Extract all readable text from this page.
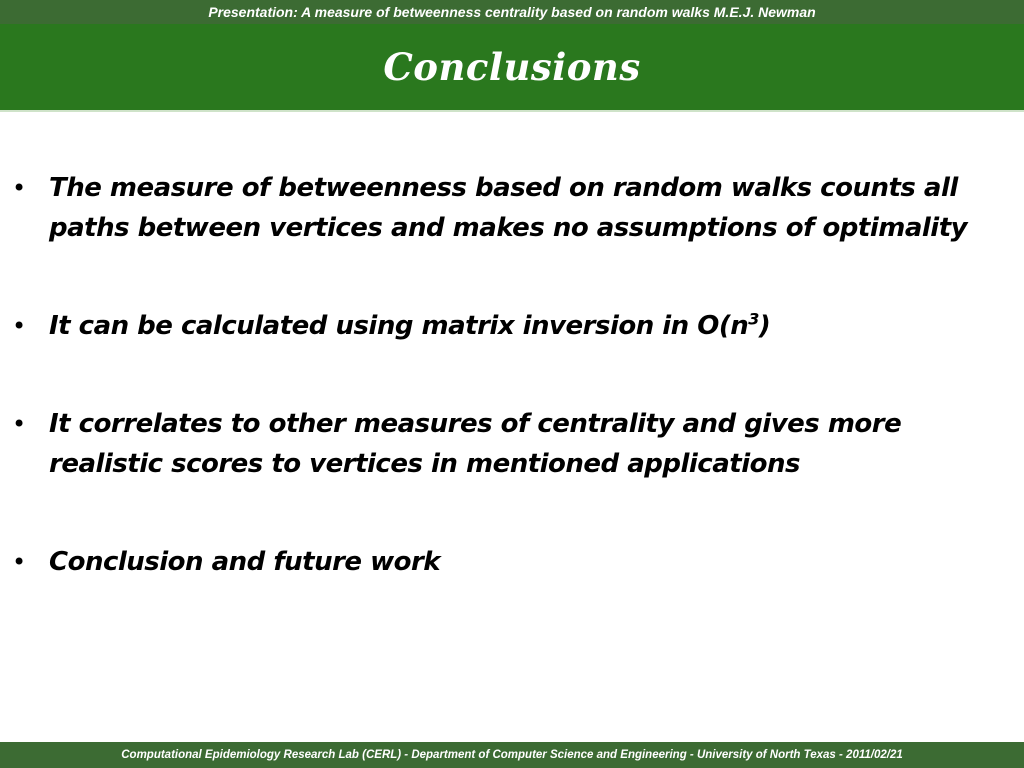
Presentation: A measure of betweenness centrality based on random walks M.E.J. Newman
Conclusions
• The measure of betweenness based on random walks counts all paths between vertices and makes no assumptions of optimality
• It can be calculated using matrix inversion in $O(n^3)$
• It correlates to other measures of centrality and gives more realistic scores to vertices in mentioned applications
• Conclusion and future work
Computational Epidemiology Research Lab (CERL) - Department of Computer Science and Engineering - University of North Texas - 2011/02/21
